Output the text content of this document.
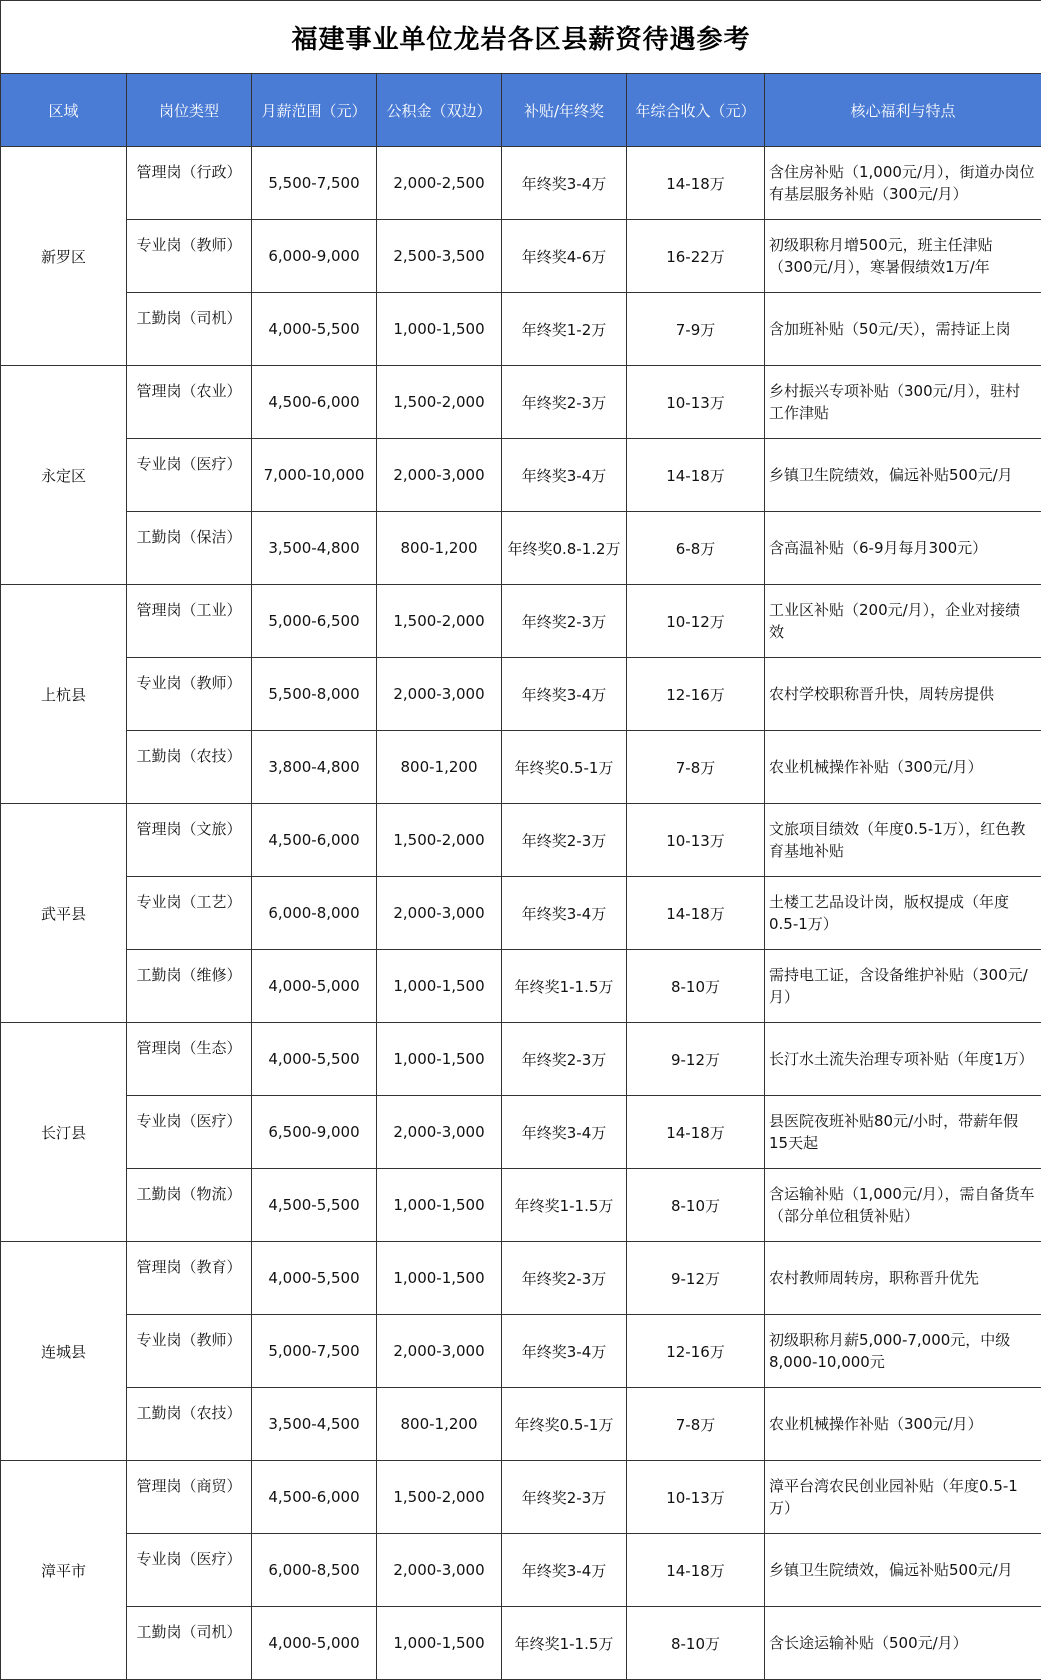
福建事业单位龙岩各区县薪资待遇参考						
区域	岗位类型	月薪范围（元）	公积金（双边）	补贴/年终奖	年综合收入（元）	核心福利与特点
新罗区	管理岗（行政）	5,500-7,500	2,000-2,500	年终奖3-4万	14-18万	含住房补贴（1,000元/月），街道办岗位有基层服务补贴（300元/月）
	专业岗（教师）	6,000-9,000	2,500-3,500	年终奖4-6万	16-22万	初级职称月增500元，班主任津贴（300元/月），寒暑假绩效1万/年
	工勤岗（司机）	4,000-5,500	1,000-1,500	年终奖1-2万	7-9万	含加班补贴（50元/天），需持证上岗
永定区	管理岗（农业）	4,500-6,000	1,500-2,000	年终奖2-3万	10-13万	乡村振兴专项补贴（300元/月），驻村工作津贴
	专业岗（医疗）	7,000-10,000	2,000-3,000	年终奖3-4万	14-18万	乡镇卫生院绩效，偏远补贴500元/月
	工勤岗（保洁）	3,500-4,800	800-1,200	年终奖0.8-1.2万	6-8万	含高温补贴（6-9月每月300元）
上杭县	管理岗（工业）	5,000-6,500	1,500-2,000	年终奖2-3万	10-12万	工业区补贴（200元/月），企业对接绩效
	专业岗（教师）	5,500-8,000	2,000-3,000	年终奖3-4万	12-16万	农村学校职称晋升快，周转房提供
	工勤岗（农技）	3,800-4,800	800-1,200	年终奖0.5-1万	7-8万	农业机械操作补贴（300元/月）
武平县	管理岗（文旅）	4,500-6,000	1,500-2,000	年终奖2-3万	10-13万	文旅项目绩效（年度0.5-1万），红色教育基地补贴
	专业岗（工艺）	6,000-8,000	2,000-3,000	年终奖3-4万	14-18万	土楼工艺品设计岗，版权提成（年度0.5-1万）
	工勤岗（维修）	4,000-5,000	1,000-1,500	年终奖1-1.5万	8-10万	需持电工证，含设备维护补贴（300元/月）
长汀县	管理岗（生态）	4,000-5,500	1,000-1,500	年终奖2-3万	9-12万	长汀水土流失治理专项补贴（年度1万）
	专业岗（医疗）	6,500-9,000	2,000-3,000	年终奖3-4万	14-18万	县医院夜班补贴80元/小时，带薪年假15天起
	工勤岗（物流）	4,500-5,500	1,000-1,500	年终奖1-1.5万	8-10万	含运输补贴（1,000元/月），需自备货车（部分单位租赁补贴）
连城县	管理岗（教育）	4,000-5,500	1,000-1,500	年终奖2-3万	9-12万	农村教师周转房，职称晋升优先
	专业岗（教师）	5,000-7,500	2,000-3,000	年终奖3-4万	12-16万	初级职称月薪5,000-7,000元，中级8,000-10,000元
	工勤岗（农技）	3,500-4,500	800-1,200	年终奖0.5-1万	7-8万	农业机械操作补贴（300元/月）
漳平市	管理岗（商贸）	4,500-6,000	1,500-2,000	年终奖2-3万	10-13万	漳平台湾农民创业园补贴（年度0.5-1万）
	专业岗（医疗）	6,000-8,500	2,000-3,000	年终奖3-4万	14-18万	乡镇卫生院绩效，偏远补贴500元/月
	工勤岗（司机）	4,000-5,000	1,000-1,500	年终奖1-1.5万	8-10万	含长途运输补贴（500元/月）
